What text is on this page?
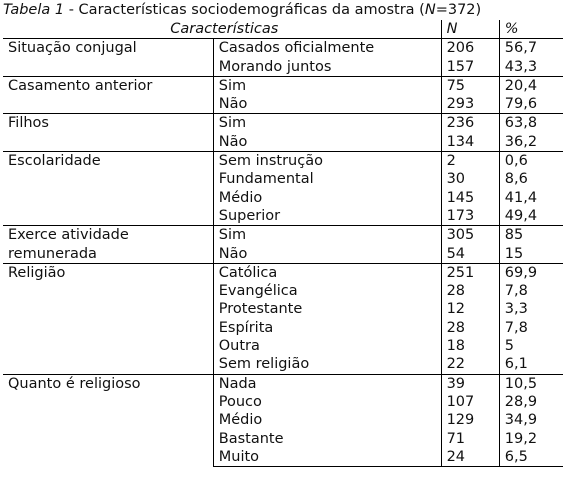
Tabela 1 - Características sociodemográficas da amostra (N=372)
Características		N	%
Situação conjugal	Casados oficialmente	206	56,7
	Morando juntos	157	43,3
Casamento anterior	Sim	75	20,4
	Não	293	79,6
Filhos	Sim	236	63,8
	Não	134	36,2
Escolaridade	Sem instrução	2	0,6
	Fundamental	30	8,6
	Médio	145	41,4
	Superior	173	49,4
Exerce atividade remunerada	Sim	305	85
	Não	54	15

Religião	Católica	251	69,9
	Evangélica	28	7,8
	Protestante	12	3,3
	Espírita	28	7,8
	Outra	18	5
	Sem religião	22	6,1
Quanto é religioso	Nada	39	10,5
	Pouco	107	28,9
	Médio	129	34,9
	Bastante	71	19,2
	Muito	24	6,5
